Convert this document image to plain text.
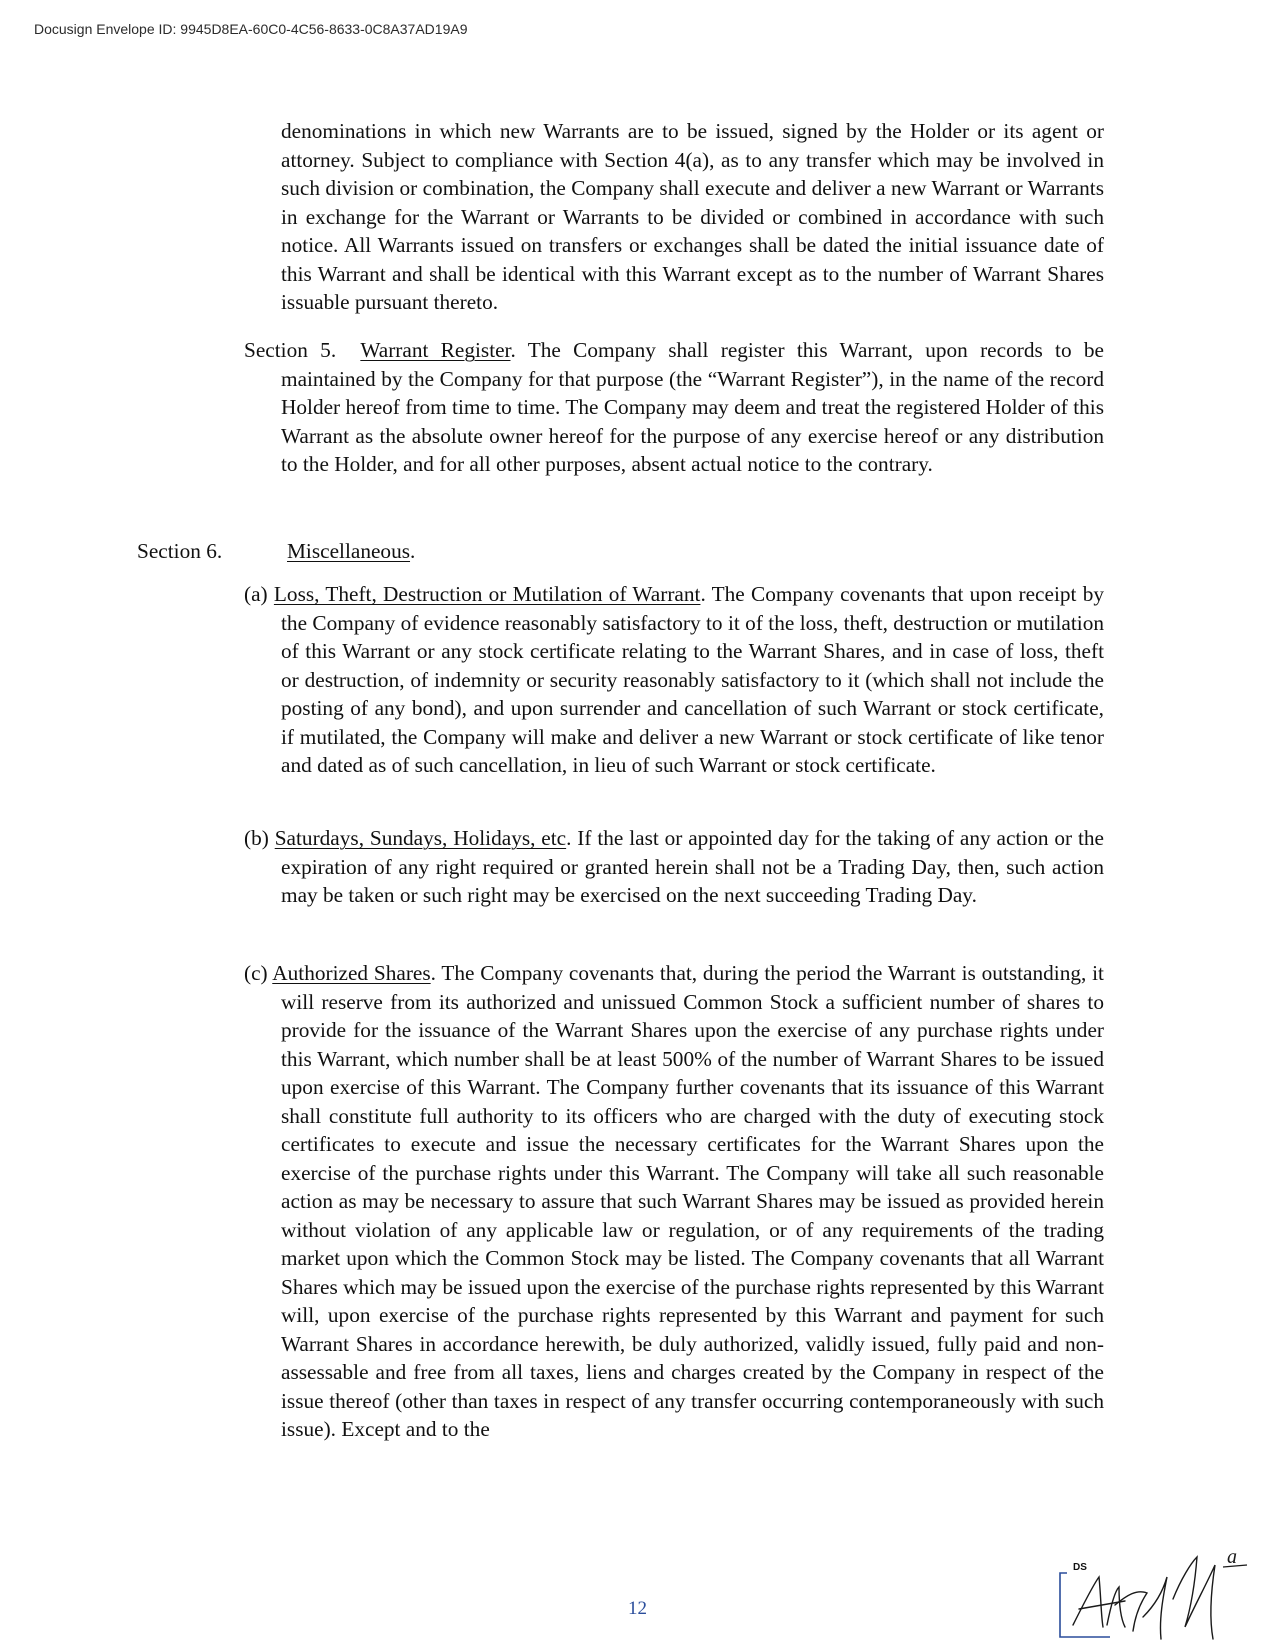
Docusign Envelope ID: 9945D8EA-60C0-4C56-8633-0C8A37AD19A9

denominations in which new Warrants are to be issued, signed by the Holder or its agent or attorney. Subject to compliance with Section 4(a), as to any transfer which may be involved in such division or combination, the Company shall execute and deliver a new Warrant or Warrants in exchange for the Warrant or Warrants to be divided or combined in accordance with such notice. All Warrants issued on transfers or exchanges shall be dated the initial issuance date of this Warrant and shall be identical with this Warrant except as to the number of Warrant Shares issuable pursuant thereto.

Section 5. Warrant Register. The Company shall register this Warrant, upon records to be maintained by the Company for that purpose (the “Warrant Register”), in the name of the record Holder hereof from time to time. The Company may deem and treat the registered Holder of this Warrant as the absolute owner hereof for the purpose of any exercise hereof or any distribution to the Holder, and for all other purposes, absent actual notice to the contrary.

Section 6.	Miscellaneous.

(a) Loss, Theft, Destruction or Mutilation of Warrant. The Company covenants that upon receipt by the Company of evidence reasonably satisfactory to it of the loss, theft, destruction or mutilation of this Warrant or any stock certificate relating to the Warrant Shares, and in case of loss, theft or destruction, of indemnity or security reasonably satisfactory to it (which shall not include the posting of any bond), and upon surrender and cancellation of such Warrant or stock certificate, if mutilated, the Company will make and deliver a new Warrant or stock certificate of like tenor and dated as of such cancellation, in lieu of such Warrant or stock certificate.

(b) Saturdays, Sundays, Holidays, etc. If the last or appointed day for the taking of any action or the expiration of any right required or granted herein shall not be a Trading Day, then, such action may be taken or such right may be exercised on the next succeeding Trading Day.

(c) Authorized Shares. The Company covenants that, during the period the Warrant is outstanding, it will reserve from its authorized and unissued Common Stock a sufficient number of shares to provide for the issuance of the Warrant Shares upon the exercise of any purchase rights under this Warrant, which number shall be at least 500% of the number of Warrant Shares to be issued upon exercise of this Warrant. The Company further covenants that its issuance of this Warrant shall constitute full authority to its officers who are charged with the duty of executing stock certificates to execute and issue the necessary certificates for the Warrant Shares upon the exercise of the purchase rights under this Warrant. The Company will take all such reasonable action as may be necessary to assure that such Warrant Shares may be issued as provided herein without violation of any applicable law or regulation, or of any requirements of the trading market upon which the Common Stock may be listed. The Company covenants that all Warrant Shares which may be issued upon the exercise of the purchase rights represented by this Warrant will, upon exercise of the purchase rights represented by this Warrant and payment for such Warrant Shares in accordance herewith, be duly authorized, validly issued, fully paid and non-assessable and free from all taxes, liens and charges created by the Company in respect of the issue thereof (other than taxes in respect of any transfer occurring contemporaneously with such issue). Except and to the

12
DS	a
